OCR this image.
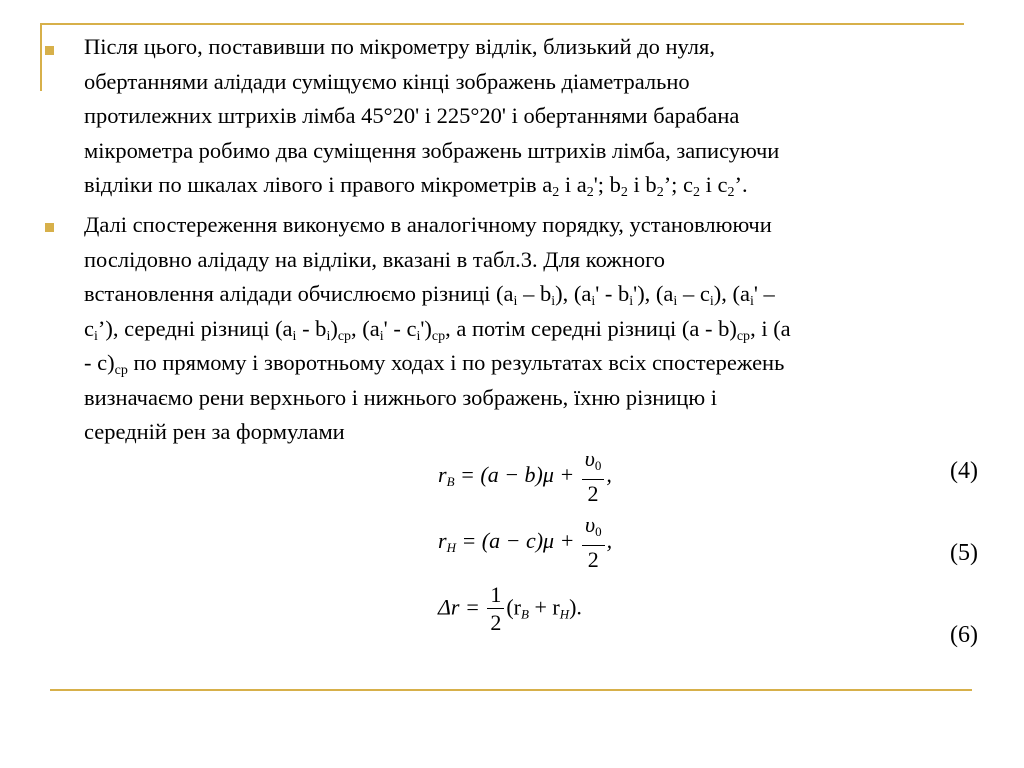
Після цього, поставивши по мікрометру відлік, близький до нуля,
обертаннями алідади суміщуємо кінці зображень діаметрально
протилежних штрихів лімба 45°20' і 225°20' і обертаннями барабана
мікрометра робимо два суміщення зображень штрихів лімба, записуючи
відліки по шкалах лівого і правого мікрометрів $a_2$ і $a_2'$; $b_2$ і $b_2$’; $c_2$ і $c_2$’.
Далі спостереження виконуємо в аналогічному порядку, установлюючи
послідовно алідаду на відліки, вказані в табл.3. Для кожного
встановлення алідади обчислюємо різниці $(a_i - b_i)$, $(a_i' - b_i')$, $(a_i - c_i)$, ($a_i'$ –
$c_i$’), середні різниці $(a_i - b_i)_{ср}$, $(a_i' - c_i')_{ср}$, а потім середні різниці $(a - b)_{ср}$, і (a
- $c)_{ср}$ по прямому і зворотньому ходах і по результатах всіх спостережень
визначаємо рени верхнього і нижнього зображень, їхню різницю і
середній рен за формулами
rB = $(a - b)\mu + \frac{\upsilon 0}{2}$ ,	(4)
rH = $(a - c)\mu + \frac{\upsilon 0}{2}$ ,	(5)
$\Delta r = \frac{1}{2} (rB + rH)$.
(6)
